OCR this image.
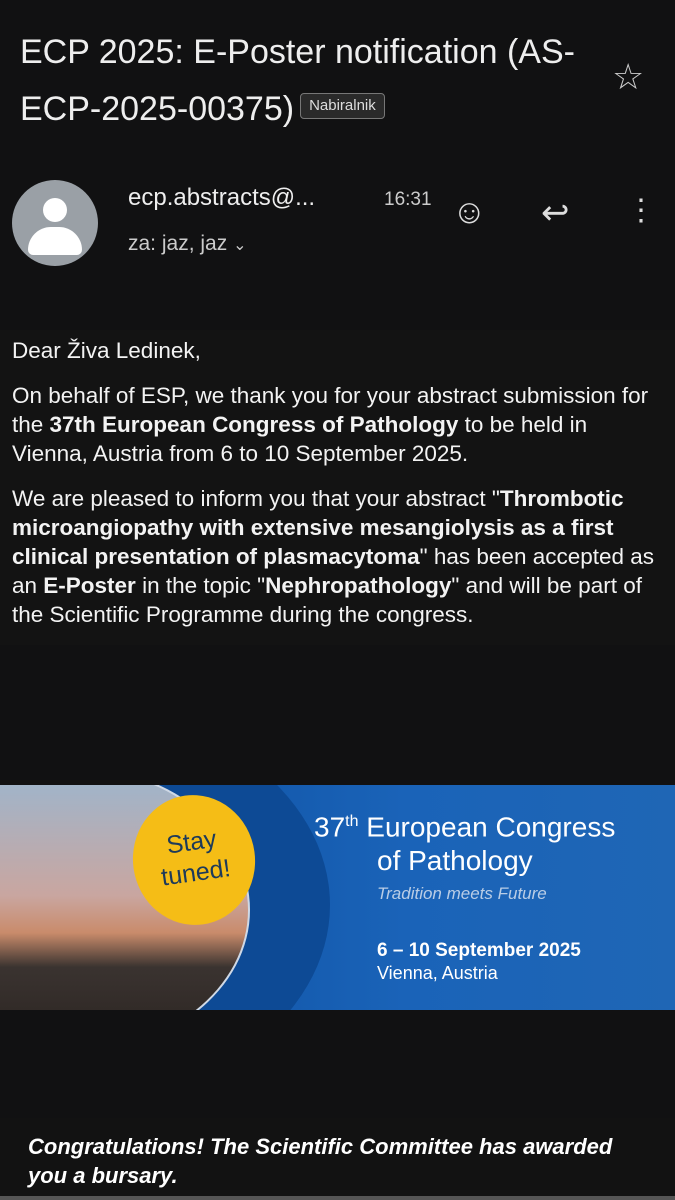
ECP 2025: E-Poster notification (AS-ECP-2025-00375) Nabiralnik
☆
ecp.abstracts@...	16:31
za: jaz, jaz ⌄
☺ ↩ ⋮

Dear Živa Ledinek,

On behalf of ESP, we thank you for your abstract submission for the 37th European Congress of Pathology to be held in Vienna, Austria from 6 to 10 September 2025.

We are pleased to inform you that your abstract "Thrombotic microangiopathy with extensive mesangiolysis as a first clinical presentation of plasmacytoma" has been accepted as an E-Poster in the topic "Nephropathology" and will be part of the Scientific Programme during the congress.

Stay tuned!
37th European Congress
of Pathology
Tradition meets Future
6 – 10 September 2025
Vienna, Austria
Congratulations! The Scientific Committee has awarded you a bursary.
